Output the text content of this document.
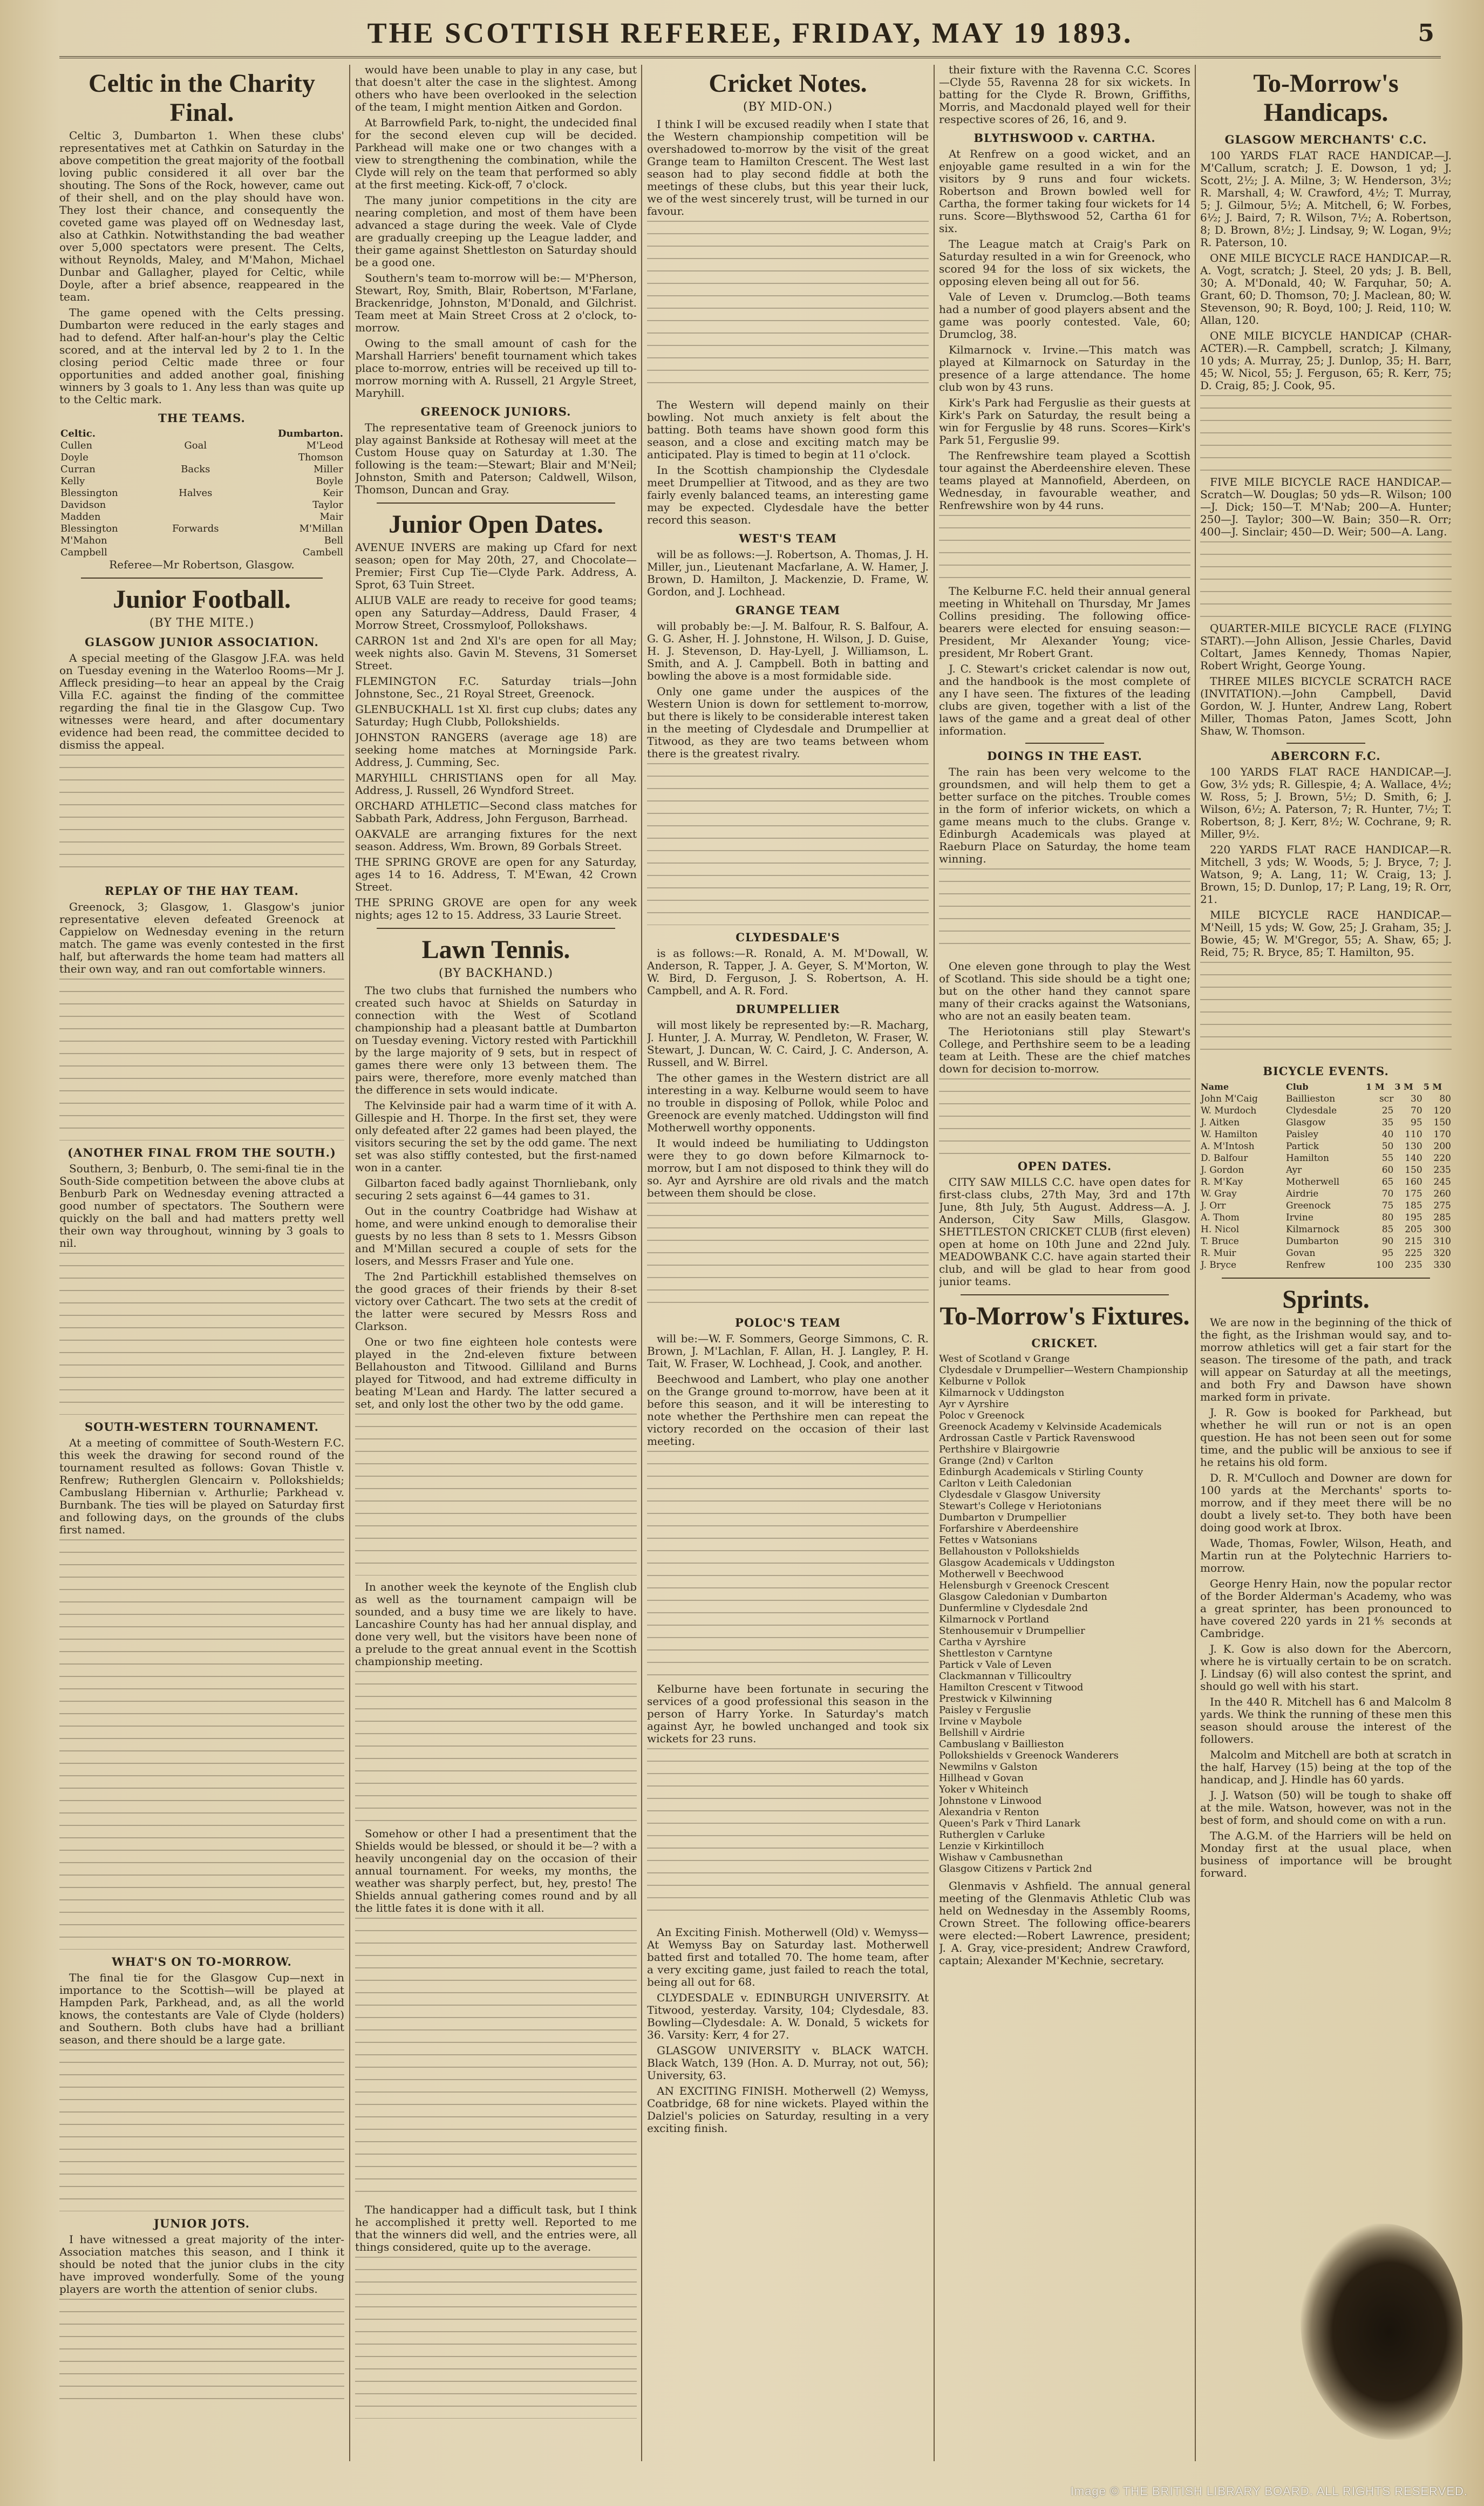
THE SCOTTISH REFEREE, FRIDAY, MAY 19 1893.	5
Celtic in the Charity Final.

Celtic 3, Dumbarton 1. When these clubs' representatives met at Cathkin on Saturday in the above competition the great majority of the football loving public considered it all over bar the shouting. The Sons of the Rock, however, came out of their shell, and on the play should have won. They lost their chance, and consequently the coveted game was played off on Wednesday last, also at Cathkin. Notwithstanding the bad weather over 5,000 spectators were present. The Celts, without Reynolds, Maley, and M'Mahon, Michael Dunbar and Gallagher, played for Celtic, while Doyle, after a brief absence, reappeared in the team.

The game opened with the Celts pressing. Dumbarton were reduced in the early stages and had to defend. After half-an-hour's play the Celtic scored, and at the interval led by 2 to 1. In the closing period Celtic made three or four opportunities and added another goal, finishing winners by 3 goals to 1. Any less than was quite up to the Celtic mark.

THE TEAMS.
Celtic.		Dumbarton.
Cullen	Goal	M'Leod
Doyle		Thomson
Curran	Backs	Miller
Kelly		Boyle
Blessington	Halves	Keir
Davidson		Taylor
Madden		Mair
Blessington	Forwards	M'Millan
M'Mahon		Bell
Campbell		Cambell

Referee—Mr Robertson, Glasgow.

Junior Football.
(BY THE MITE.)
GLASGOW JUNIOR ASSOCIATION.

A special meeting of the Glasgow J.F.A. was held on Tuesday evening in the Waterloo Rooms—Mr J. Affleck presiding—to hear an appeal by the Craig Villa F.C. against the finding of the committee regarding the final tie in the Glasgow Cup. Two witnesses were heard, and after documentary evidence had been read, the committee decided to dismiss the appeal.

REPLAY OF THE HAY TEAM.

Greenock, 3; Glasgow, 1. Glasgow's junior representative eleven defeated Greenock at Cappielow on Wednesday evening in the return match. The game was evenly contested in the first half, but afterwards the home team had matters all their own way, and ran out comfortable winners.

(ANOTHER FINAL FROM THE SOUTH.)

Southern, 3; Benburb, 0. The semi-final tie in the South-Side competition between the above clubs at Benburb Park on Wednesday evening attracted a good number of spectators. The Southern were quickly on the ball and had matters pretty well their own way throughout, winning by 3 goals to nil.

SOUTH-WESTERN TOURNAMENT.

At a meeting of committee of South-Western F.C. this week the drawing for second round of the tournament resulted as follows: Govan Thistle v. Renfrew; Rutherglen Glencairn v. Pollokshields; Cambuslang Hibernian v. Arthurlie; Parkhead v. Burnbank. The ties will be played on Saturday first and following days, on the grounds of the clubs first named.

WHAT'S ON TO-MORROW.

The final tie for the Glasgow Cup—next in importance to the Scottish—will be played at Hampden Park, Parkhead, and, as all the world knows, the contestants are Vale of Clyde (holders) and Southern. Both clubs have had a brilliant season, and there should be a large gate.

JUNIOR JOTS.

I have witnessed a great majority of the inter-Association matches this season, and I think it should be noted that the junior clubs in the city have improved wonderfully. Some of the young players are worth the attention of senior clubs.

would have been unable to play in any case, but that doesn't alter the case in the slightest. Among others who have been overlooked in the selection of the team, I might mention Aitken and Gordon.

At Barrowfield Park, to-night, the undecided final for the second eleven cup will be decided. Parkhead will make one or two changes with a view to strengthening the combination, while the Clyde will rely on the team that performed so ably at the first meeting. Kick-off, 7 o'clock.

The many junior competitions in the city are nearing completion, and most of them have been advanced a stage during the week. Vale of Clyde are gradually creeping up the League ladder, and their game against Shettleston on Saturday should be a good one.

Southern's team to-morrow will be:— M'Pherson, Stewart, Roy, Smith, Blair, Robertson, M'Farlane, Brackenridge, Johnston, M'Donald, and Gilchrist. Team meet at Main Street Cross at 2 o'clock, to-morrow.

Owing to the small amount of cash for the Marshall Harriers' benefit tournament which takes place to-morrow, entries will be received up till to-morrow morning with A. Russell, 21 Argyle Street, Maryhill.

GREENOCK JUNIORS.

The representative team of Greenock juniors to play against Bankside at Rothesay will meet at the Custom House quay on Saturday at 1.30. The following is the team:—Stewart; Blair and M'Neil; Johnston, Smith and Paterson; Caldwell, Wilson, Thomson, Duncan and Gray.

Junior Open Dates.

AVENUE INVERS are making up Cfard for next season; open for May 20th, 27, and Chocolate—Premier; First Cup Tie—Clyde Park. Address, A. Sprot, 63 Tuin Street.

ALIUB VALE are ready to receive for good teams; open any Saturday—Address, Dauld Fraser, 4 Morrow Street, Crossmyloof, Pollokshaws.

CARRON 1st and 2nd Xl's are open for all May; week nights also. Gavin M. Stevens, 31 Somerset Street.

FLEMINGTON F.C. Saturday trials—John Johnstone, Sec., 21 Royal Street, Greenock.

GLENBUCKHALL 1st Xl. first cup clubs; dates any Saturday; Hugh Clubb, Pollokshields.

JOHNSTON RANGERS (average age 18) are seeking home matches at Morningside Park. Address, J. Cumming, Sec.

MARYHILL CHRISTIANS open for all May. Address, J. Russell, 26 Wyndford Street.

ORCHARD ATHLETIC—Second class matches for Sabbath Park, Address, John Ferguson, Barrhead.

OAKVALE are arranging fixtures for the next season. Address, Wm. Brown, 89 Gorbals Street.

THE SPRING GROVE are open for any Saturday, ages 14 to 16. Address, T. M'Ewan, 42 Crown Street.

THE SPRING GROVE are open for any week nights; ages 12 to 15. Address, 33 Laurie Street.

Lawn Tennis.
(BY BACKHAND.)

The two clubs that furnished the numbers who created such havoc at Shields on Saturday in connection with the West of Scotland championship had a pleasant battle at Dumbarton on Tuesday evening. Victory rested with Partickhill by the large majority of 9 sets, but in respect of games there were only 13 between them. The pairs were, therefore, more evenly matched than the difference in sets would indicate.

The Kelvinside pair had a warm time of it with A. Gillespie and H. Thorpe. In the first set, they were only defeated after 22 games had been played, the visitors securing the set by the odd game. The next set was also stiffly contested, but the first-named won in a canter.

Gilbarton faced badly against Thornliebank, only securing 2 sets against 6—44 games to 31.

Out in the country Coatbridge had Wishaw at home, and were unkind enough to demoralise their guests by no less than 8 sets to 1. Messrs Gibson and M'Millan secured a couple of sets for the losers, and Messrs Fraser and Yule one.

The 2nd Partickhill established themselves on the good graces of their friends by their 8-set victory over Cathcart. The two sets at the credit of the latter were secured by Messrs Ross and Clarkson.

One or two fine eighteen hole contests were played in the 2nd-eleven fixture between Bellahouston and Titwood. Gilliland and Burns played for Titwood, and had extreme difficulty in beating M'Lean and Hardy. The latter secured a set, and only lost the other two by the odd game.

In another week the keynote of the English club as well as the tournament campaign will be sounded, and a busy time we are likely to have. Lancashire County has had her annual display, and done very well, but the visitors have been none of a prelude to the great annual event in the Scottish championship meeting.

Somehow or other I had a presentiment that the Shields would be blessed, or should it be—? with a heavily uncongenial day on the occasion of their annual tournament. For weeks, my months, the weather was sharply perfect, but, hey, presto! The Shields annual gathering comes round and by all the little fates it is done with it all.

The handicapper had a difficult task, but I think he accomplished it pretty well. Reported to me that the winners did well, and the entries were, all things considered, quite up to the average.

Cricket Notes.
(BY MID-ON.)

I think I will be excused readily when I state that the Western championship competition will be overshadowed to-morrow by the visit of the great Grange team to Hamilton Crescent. The West last season had to play second fiddle at both the meetings of these clubs, but this year their luck, we of the west sincerely trust, will be turned in our favour.

The Western will depend mainly on their bowling. Not much anxiety is felt about the batting. Both teams have shown good form this season, and a close and exciting match may be anticipated. Play is timed to begin at 11 o'clock.

In the Scottish championship the Clydesdale meet Drumpellier at Titwood, and as they are two fairly evenly balanced teams, an interesting game may be expected. Clydesdale have the better record this season.

WEST'S TEAM

will be as follows:—J. Robertson, A. Thomas, J. H. Miller, jun., Lieutenant Macfarlane, A. W. Hamer, J. Brown, D. Hamilton, J. Mackenzie, D. Frame, W. Gordon, and J. Lochhead.

GRANGE TEAM

will probably be:—J. M. Balfour, R. S. Balfour, A. G. G. Asher, H. J. Johnstone, H. Wilson, J. D. Guise, H. J. Stevenson, D. Hay-Lyell, J. Williamson, L. Smith, and A. J. Campbell. Both in batting and bowling the above is a most formidable side.

Only one game under the auspices of the Western Union is down for settlement to-morrow, but there is likely to be considerable interest taken in the meeting of Clydesdale and Drumpellier at Titwood, as they are two teams between whom there is the greatest rivalry.

CLYDESDALE'S

is as follows:—R. Ronald, A. M. M'Dowall, W. Anderson, R. Tapper, J. A. Geyer, S. M'Morton, W. W. Bird, D. Ferguson, J. S. Robertson, A. H. Campbell, and A. R. Ford.

DRUMPELLIER

will most likely be represented by:—R. Macharg, J. Hunter, J. A. Murray, W. Pendleton, W. Fraser, W. Stewart, J. Duncan, W. C. Caird, J. C. Anderson, A. Russell, and W. Birrel.

The other games in the Western district are all interesting in a way. Kelburne would seem to have no trouble in disposing of Pollok, while Poloc and Greenock are evenly matched. Uddingston will find Motherwell worthy opponents.

It would indeed be humiliating to Uddingston were they to go down before Kilmarnock to-morrow, but I am not disposed to think they will do so. Ayr and Ayrshire are old rivals and the match between them should be close.

POLOC'S TEAM

will be:—W. F. Sommers, George Simmons, C. R. Brown, J. M'Lachlan, F. Allan, H. J. Langley, P. H. Tait, W. Fraser, W. Lochhead, J. Cook, and another.

Beechwood and Lambert, who play one another on the Grange ground to-morrow, have been at it before this season, and it will be interesting to note whether the Perthshire men can repeat the victory recorded on the occasion of their last meeting.

Kelburne have been fortunate in securing the services of a good professional this season in the person of Harry Yorke. In Saturday's match against Ayr, he bowled unchanged and took six wickets for 23 runs.

An Exciting Finish. Motherwell (Old) v. Wemyss—At Wemyss Bay on Saturday last. Motherwell batted first and totalled 70. The home team, after a very exciting game, just failed to reach the total, being all out for 68.

CLYDESDALE v. EDINBURGH UNIVERSITY. At Titwood, yesterday. Varsity, 104; Clydesdale, 83. Bowling—Clydesdale: A. W. Donald, 5 wickets for 36. Varsity: Kerr, 4 for 27.

GLASGOW UNIVERSITY v. BLACK WATCH. Black Watch, 139 (Hon. A. D. Murray, not out, 56); University, 63.

AN EXCITING FINISH. Motherwell (2) Wemyss, Coatbridge, 68 for nine wickets. Played within the Dalziel's policies on Saturday, resulting in a very exciting finish.

their fixture with the Ravenna C.C. Scores—Clyde 55, Ravenna 28 for six wickets. In batting for the Clyde R. Brown, Griffiths, Morris, and Macdonald played well for their respective scores of 26, 16, and 9.

BLYTHSWOOD v. CARTHA.

At Renfrew on a good wicket, and an enjoyable game resulted in a win for the visitors by 9 runs and four wickets. Robertson and Brown bowled well for Cartha, the former taking four wickets for 14 runs. Score—Blythswood 52, Cartha 61 for six.

The League match at Craig's Park on Saturday resulted in a win for Greenock, who scored 94 for the loss of six wickets, the opposing eleven being all out for 56.

Vale of Leven v. Drumclog.—Both teams had a number of good players absent and the game was poorly contested. Vale, 60; Drumclog, 38.

Kilmarnock v. Irvine.—This match was played at Kilmarnock on Saturday in the presence of a large attendance. The home club won by 43 runs.

Kirk's Park had Ferguslie as their guests at Kirk's Park on Saturday, the result being a win for Ferguslie by 48 runs. Scores—Kirk's Park 51, Ferguslie 99.

The Renfrewshire team played a Scottish tour against the Aberdeenshire eleven. These teams played at Mannofield, Aberdeen, on Wednesday, in favourable weather, and Renfrewshire won by 44 runs.

The Kelburne F.C. held their annual general meeting in Whitehall on Thursday, Mr James Collins presiding. The following office-bearers were elected for ensuing season:—President, Mr Alexander Young; vice-president, Mr Robert Grant.

J. C. Stewart's cricket calendar is now out, and the handbook is the most complete of any I have seen. The fixtures of the leading clubs are given, together with a list of the laws of the game and a great deal of other information.

DOINGS IN THE EAST.

The rain has been very welcome to the groundsmen, and will help them to get a better surface on the pitches. Trouble comes in the form of inferior wickets, on which a game means much to the clubs. Grange v. Edinburgh Academicals was played at Raeburn Place on Saturday, the home team winning.

One eleven gone through to play the West of Scotland. This side should be a tight one; but on the other hand they cannot spare many of their cracks against the Watsonians, who are not an easily beaten team.

The Heriotonians still play Stewart's College, and Perthshire seem to be a leading team at Leith. These are the chief matches down for decision to-morrow.

OPEN DATES.

CITY SAW MILLS C.C. have open dates for first-class clubs, 27th May, 3rd and 17th June, 8th July, 5th August. Address—A. J. Anderson, City Saw Mills, Glasgow. SHETTLESTON CRICKET CLUB (first eleven) open at home on 10th June and 22nd July. MEADOWBANK C.C. have again started their club, and will be glad to hear from good junior teams.

To-Morrow's Fixtures.
CRICKET.
West of Scotland v Grange
Clydesdale v Drumpellier—Western Championship
Kelburne v Pollok
Kilmarnock v Uddingston
Ayr v Ayrshire
Poloc v Greenock
Greenock Academy v Kelvinside Academicals
Ardrossan Castle v Partick Ravenswood
Perthshire v Blairgowrie
Grange (2nd) v Carlton
Edinburgh Academicals v Stirling County
Carlton v Leith Caledonian
Clydesdale v Glasgow University
Stewart's College v Heriotonians
Dumbarton v Drumpellier
Forfarshire v Aberdeenshire
Fettes v Watsonians
Bellahouston v Pollokshields
Glasgow Academicals v Uddingston
Motherwell v Beechwood
Helensburgh v Greenock Crescent
Glasgow Caledonian v Dumbarton
Dunfermline v Clydesdale 2nd
Kilmarnock v Portland
Stenhousemuir v Drumpellier
Cartha v Ayrshire
Shettleston v Carntyne
Partick v Vale of Leven
Clackmannan v Tillicoultry
Hamilton Crescent v Titwood
Prestwick v Kilwinning
Paisley v Ferguslie
Irvine v Maybole
Bellshill v Airdrie
Cambuslang v Baillieston
Pollokshields v Greenock Wanderers
Newmilns v Galston
Hillhead v Govan
Yoker v Whiteinch
Johnstone v Linwood
Alexandria v Renton
Queen's Park v Third Lanark
Rutherglen v Carluke
Lenzie v Kirkintilloch
Wishaw v Cambusnethan
Glasgow Citizens v Partick 2nd

Glenmavis v Ashfield. The annual general meeting of the Glenmavis Athletic Club was held on Wednesday in the Assembly Rooms, Crown Street. The following office-bearers were elected:—Robert Lawrence, president; J. A. Gray, vice-president; Andrew Crawford, captain; Alexander M'Kechnie, secretary.

To-Morrow's Handicaps.
GLASGOW MERCHANTS' C.C.

100 YARDS FLAT RACE HANDICAP.—J. M'Callum, scratch; J. E. Dowson, 1 yd; J. Scott, 2½; J. A. Milne, 3; W. Henderson, 3½; R. Marshall, 4; W. Crawford, 4½; T. Murray, 5; J. Gilmour, 5½; A. Mitchell, 6; W. Forbes, 6½; J. Baird, 7; R. Wilson, 7½; A. Robertson, 8; D. Brown, 8½; J. Lindsay, 9; W. Logan, 9½; R. Paterson, 10.

ONE MILE BICYCLE RACE HANDICAP.—R. A. Vogt, scratch; J. Steel, 20 yds; J. B. Bell, 30; A. M'Donald, 40; W. Farquhar, 50; A. Grant, 60; D. Thomson, 70; J. Maclean, 80; W. Stevenson, 90; R. Boyd, 100; J. Reid, 110; W. Allan, 120.

ONE MILE BICYCLE HANDICAP (CHAR-ACTER).—R. Campbell, scratch; J. Kilmany, 10 yds; A. Murray, 25; J. Dunlop, 35; H. Barr, 45; W. Nicol, 55; J. Ferguson, 65; R. Kerr, 75; D. Craig, 85; J. Cook, 95.

FIVE MILE BICYCLE RACE HANDICAP.—Scratch—W. Douglas; 50 yds—R. Wilson; 100—J. Dick; 150—T. M'Nab; 200—A. Hunter; 250—J. Taylor; 300—W. Bain; 350—R. Orr; 400—J. Sinclair; 450—D. Weir; 500—A. Lang.

QUARTER-MILE BICYCLE RACE (FLYING START).—John Allison, Jessie Charles, David Coltart, James Kennedy, Thomas Napier, Robert Wright, George Young.

THREE MILES BICYCLE SCRATCH RACE (INVITATION).—John Campbell, David Gordon, W. J. Hunter, Andrew Lang, Robert Miller, Thomas Paton, James Scott, John Shaw, W. Thomson.

ABERCORN F.C.

100 YARDS FLAT RACE HANDICAP.—J. Gow, 3½ yds; R. Gillespie, 4; A. Wallace, 4½; W. Ross, 5; J. Brown, 5½; D. Smith, 6; J. Wilson, 6½; A. Paterson, 7; R. Hunter, 7½; T. Robertson, 8; J. Kerr, 8½; W. Cochrane, 9; R. Miller, 9½.

220 YARDS FLAT RACE HANDICAP.—R. Mitchell, 3 yds; W. Woods, 5; J. Bryce, 7; J. Watson, 9; A. Lang, 11; W. Craig, 13; J. Brown, 15; D. Dunlop, 17; P. Lang, 19; R. Orr, 21.

MILE BICYCLE RACE HANDICAP.—M'Neill, 15 yds; W. Gow, 25; J. Graham, 35; J. Bowie, 45; W. M'Gregor, 55; A. Shaw, 65; J. Reid, 75; R. Bryce, 85; T. Hamilton, 95.

BICYCLE EVENTS.
Name	Club	1 M	3 M	5 M
John M'Caig	Baillieston	scr	30	80
W. Murdoch	Clydesdale	25	70	120
J. Aitken	Glasgow	35	95	150
W. Hamilton	Paisley	40	110	170
A. M'Intosh	Partick	50	130	200
D. Balfour	Hamilton	55	140	220
J. Gordon	Ayr	60	150	235
R. M'Kay	Motherwell	65	160	245
W. Gray	Airdrie	70	175	260
J. Orr	Greenock	75	185	275
A. Thom	Irvine	80	195	285
H. Nicol	Kilmarnock	85	205	300
T. Bruce	Dumbarton	90	215	310
R. Muir	Govan	95	225	320
J. Bryce	Renfrew	100	235	330
Sprints.

We are now in the beginning of the thick of the fight, as the Irishman would say, and to-morrow athletics will get a fair start for the season. The tiresome of the path, and track will appear on Saturday at all the meetings, and both Fry and Dawson have shown marked form in private.

J. R. Gow is booked for Parkhead, but whether he will run or not is an open question. He has not been seen out for some time, and the public will be anxious to see if he retains his old form.

D. R. M'Culloch and Downer are down for 100 yards at the Merchants' sports to-morrow, and if they meet there will be no doubt a lively set-to. They both have been doing good work at Ibrox.

Wade, Thomas, Fowler, Wilson, Heath, and Martin run at the Polytechnic Harriers to-morrow.

George Henry Hain, now the popular rector of the Border Alderman's Academy, who was a great sprinter, has been pronounced to have covered 220 yards in 21⅘ seconds at Cambridge.

J. K. Gow is also down for the Abercorn, where he is virtually certain to be on scratch. J. Lindsay (6) will also contest the sprint, and should go well with his start.

In the 440 R. Mitchell has 6 and Malcolm 8 yards. We think the running of these men this season should arouse the interest of the followers.

Malcolm and Mitchell are both at scratch in the half, Harvey (15) being at the top of the handicap, and J. Hindle has 60 yards.

J. J. Watson (50) will be tough to shake off at the mile. Watson, however, was not in the best of form, and should come on with a run.

The A.G.M. of the Harriers will be held on Monday first at the usual place, when business of importance will be brought forward.

Image © THE BRITISH LIBRARY BOARD. ALL RIGHTS RESERVED.
